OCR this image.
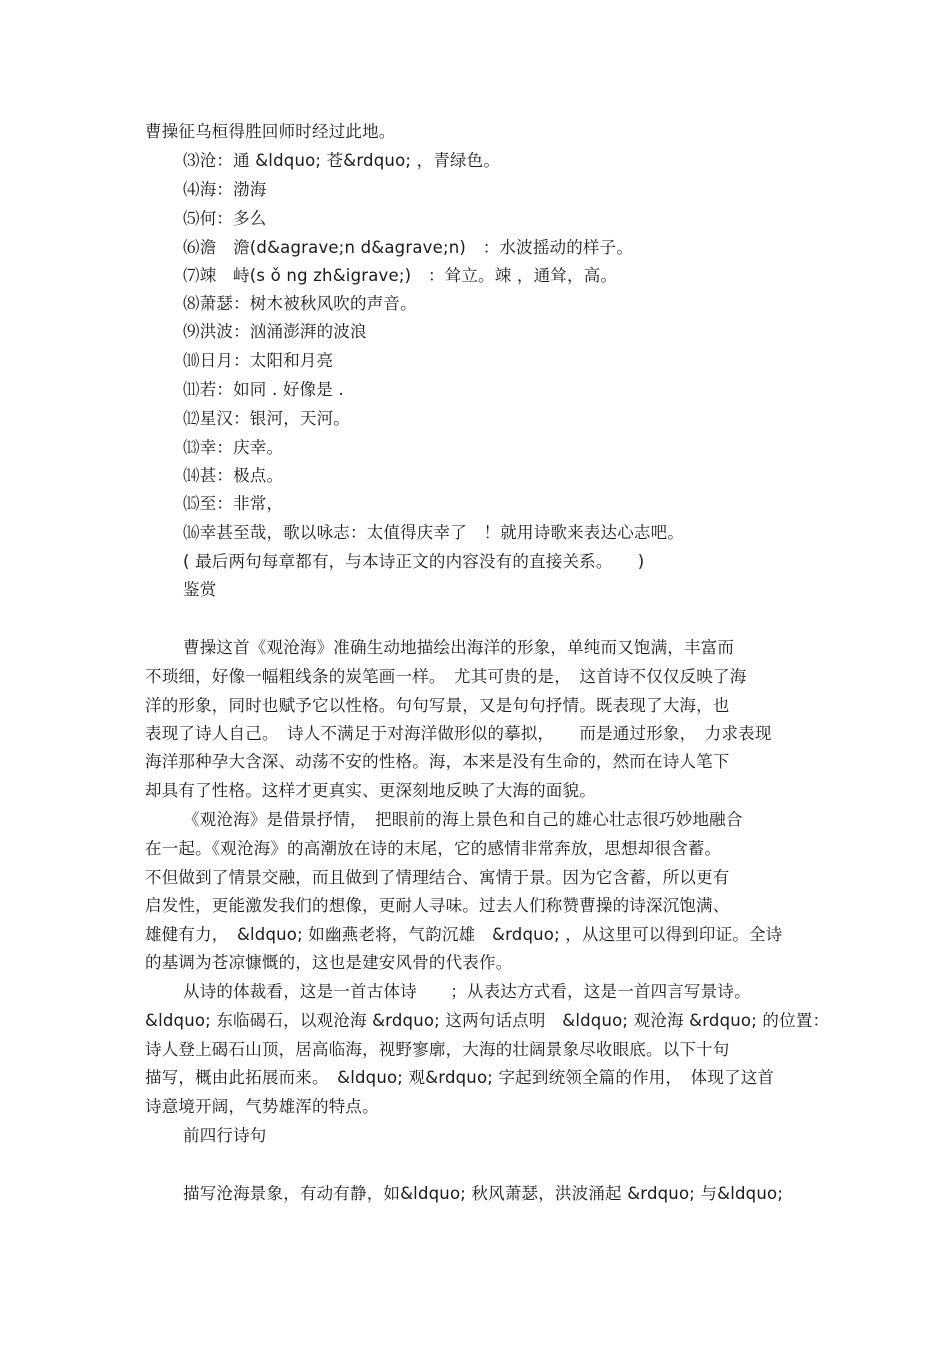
曹操征乌桓得胜回师时经过此地。
⑶沧：通 &ldquo; 苍&rdquo; ，青绿色。
⑷海：渤海
⑸何：多么
⑹澹　澹(d&agrave;n d&agrave;n)　：水波摇动的样子。
⑺竦　峙(s ǒ ng zh&igrave;)　：耸立。竦 ，通耸，高。
⑻萧瑟：树木被秋风吹的声音。
⑼洪波：汹涌澎湃的波浪
⑽日月：太阳和月亮
⑾若：如同 . 好像是 .
⑿星汉：银河，天河。
⒀幸：庆幸。
⒁甚：极点。
⒂至：非常，
⒃幸甚至哉，歌以咏志：太值得庆幸了　！就用诗歌来表达心志吧。
( 最后两句每章都有，与本诗正文的内容没有的直接关系。　　)
鉴赏
曹操这首《观沧海》准确生动地描绘出海洋的形象，单纯而又饱满，丰富而
不琐细，好像一幅粗线条的炭笔画一样。　尤其可贵的是，　这首诗不仅仅反映了海
洋的形象，同时也赋予它以性格。句句写景，又是句句抒情。既表现了大海，也
表现了诗人自己。　诗人不满足于对海洋做形似的摹拟，　　而是通过形象，　力求表现
海洋那种孕大含深、动荡不安的性格。海，本来是没有生命的，然而在诗人笔下
却具有了性格。这样才更真实、更深刻地反映了大海的面貌。
《观沧海》是借景抒情，　把眼前的海上景色和自己的雄心壮志很巧妙地融合
在一起。《观沧海》的高潮放在诗的末尾，它的感情非常奔放，思想却很含蓄。
不但做到了情景交融，而且做到了情理结合、寓情于景。因为它含蓄，所以更有
启发性，更能激发我们的想像，更耐人寻味。过去人们称赞曹操的诗深沉饱满、
雄健有力，　&ldquo; 如幽燕老将，气韵沉雄　&rdquo; ，从这里可以得到印证。全诗
的基调为苍凉慷慨的，这也是建安风骨的代表作。
从诗的体裁看，这是一首古体诗　　；从表达方式看，这是一首四言写景诗。
&ldquo; 东临碣石，以观沧海 &rdquo; 这两句话点明　&ldquo; 观沧海 &rdquo; 的位置：
诗人登上碣石山顶，居高临海，视野寥廓，大海的壮阔景象尽收眼底。以下十句
描写，概由此拓展而来。　&ldquo; 观&rdquo; 字起到统领全篇的作用，　体现了这首
诗意境开阔，气势雄浑的特点。
前四行诗句
描写沧海景象，有动有静，如&ldquo; 秋风萧瑟，洪波涌起 &rdquo; 与&ldquo;
